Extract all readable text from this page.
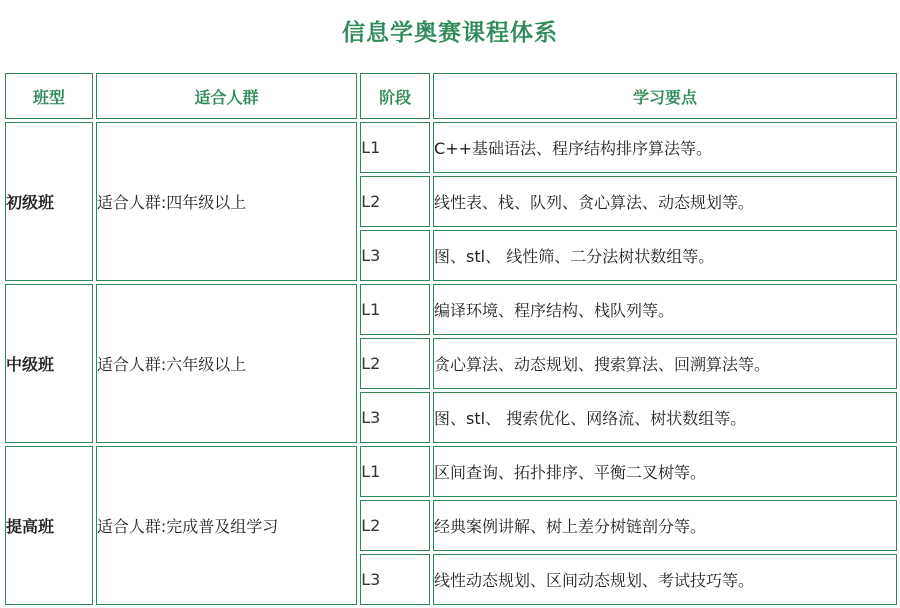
信息学奥赛课程体系
班型	适合人群	阶段	学习要点
初级班	适合人群:四年级以上	L1	C++基础语法、程序结构排序算法等。
		L2	线性表、栈、队列、贪心算法、动态规划等。
		L3	图、stl、 线性筛、二分法树状数组等。
中级班	适合人群:六年级以上	L1	编译环境、程序结构、栈队列等。
		L2	贪心算法、动态规划、搜索算法、回溯算法等。
		L3	图、stl、 搜索优化、网络流、树状数组等。
提高班	适合人群:完成普及组学习	L1	区间查询、拓扑排序、平衡二叉树等。
		L2	经典案例讲解、树上差分树链剖分等。
		L3	线性动态规划、区间动态规划、考试技巧等。
